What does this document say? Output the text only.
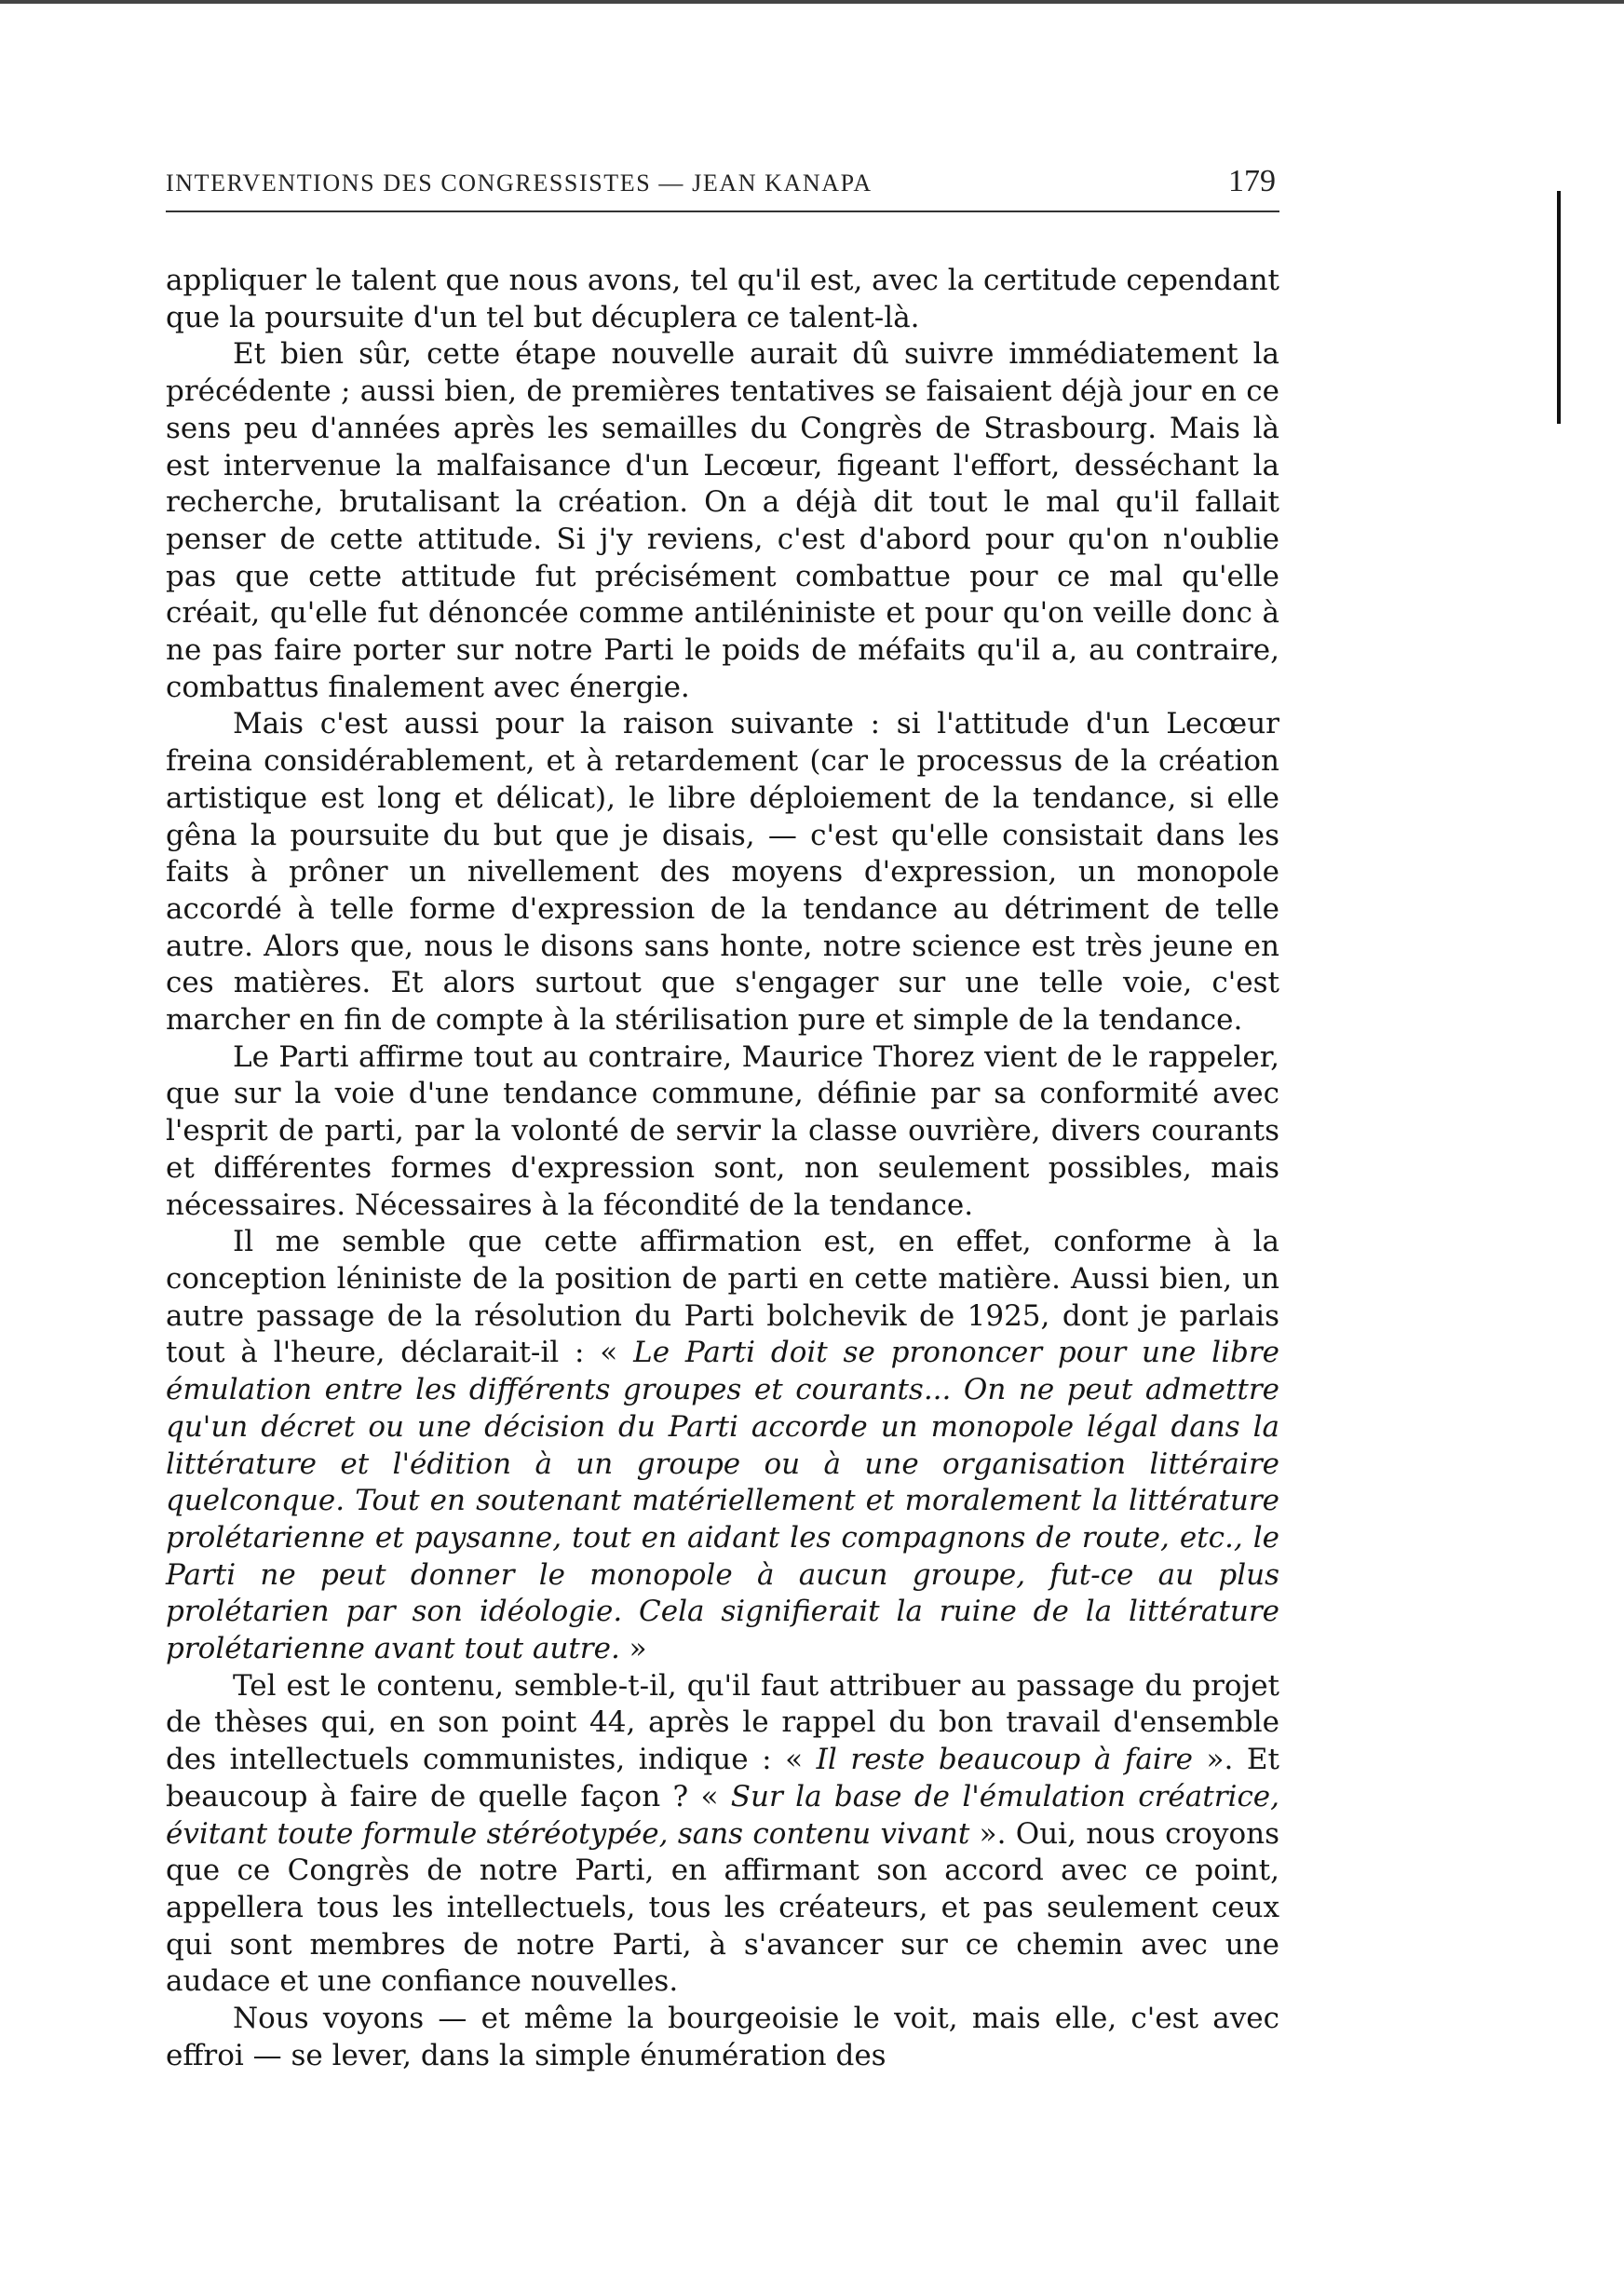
INTERVENTIONS DES CONGRESSISTES — JEAN KANAPA	179

appliquer le talent que nous avons, tel qu'il est, avec la certitude cependant que la poursuite d'un tel but décuplera ce talent-là.

Et bien sûr, cette étape nouvelle aurait dû suivre immédiatement la précédente ; aussi bien, de premières tentatives se faisaient déjà jour en ce sens peu d'années après les semailles du Congrès de Strasbourg. Mais là est intervenue la malfaisance d'un Lecœur, figeant l'effort, desséchant la recherche, brutalisant la création. On a déjà dit tout le mal qu'il fallait penser de cette attitude. Si j'y reviens, c'est d'abord pour qu'on n'oublie pas que cette attitude fut précisément combattue pour ce mal qu'elle créait, qu'elle fut dénoncée comme antiléniniste et pour qu'on veille donc à ne pas faire porter sur notre Parti le poids de méfaits qu'il a, au contraire, combattus finalement avec énergie.

Mais c'est aussi pour la raison suivante : si l'attitude d'un Lecœur freina considérablement, et à retardement (car le processus de la création artistique est long et délicat), le libre déploiement de la tendance, si elle gêna la poursuite du but que je disais, — c'est qu'elle consistait dans les faits à prôner un nivellement des moyens d'expression, un monopole accordé à telle forme d'expression de la tendance au détriment de telle autre. Alors que, nous le disons sans honte, notre science est très jeune en ces matières. Et alors surtout que s'engager sur une telle voie, c'est marcher en fin de compte à la stérilisation pure et simple de la tendance.

Le Parti affirme tout au contraire, Maurice Thorez vient de le rappeler, que sur la voie d'une tendance commune, définie par sa conformité avec l'esprit de parti, par la volonté de servir la classe ouvrière, divers courants et différentes formes d'expression sont, non seulement possibles, mais nécessaires. Nécessaires à la fécondité de la tendance.

Il me semble que cette affirmation est, en effet, conforme à la conception léniniste de la position de parti en cette matière. Aussi bien, un autre passage de la résolution du Parti bolchevik de 1925, dont je parlais tout à l'heure, déclarait-il : « Le Parti doit se prononcer pour une libre émulation entre les différents groupes et courants... On ne peut admettre qu'un décret ou une décision du Parti accorde un monopole légal dans la littérature et l'édition à un groupe ou à une organisation littéraire quelconque. Tout en soutenant matériellement et moralement la littérature prolétarienne et paysanne, tout en aidant les compagnons de route, etc., le Parti ne peut donner le monopole à aucun groupe, fut-ce au plus prolétarien par son idéologie. Cela signifierait la ruine de la littérature prolétarienne avant tout autre. »

Tel est le contenu, semble-t-il, qu'il faut attribuer au passage du projet de thèses qui, en son point 44, après le rappel du bon travail d'ensemble des intellectuels communistes, indique : « Il reste beaucoup à faire ». Et beaucoup à faire de quelle façon ? « Sur la base de l'émulation créatrice, évitant toute formule stéréotypée, sans contenu vivant ». Oui, nous croyons que ce Congrès de notre Parti, en affirmant son accord avec ce point, appellera tous les intellectuels, tous les créateurs, et pas seulement ceux qui sont membres de notre Parti, à s'avancer sur ce chemin avec une audace et une confiance nouvelles.

Nous voyons — et même la bourgeoisie le voit, mais elle, c'est avec effroi — se lever, dans la simple énumération des
